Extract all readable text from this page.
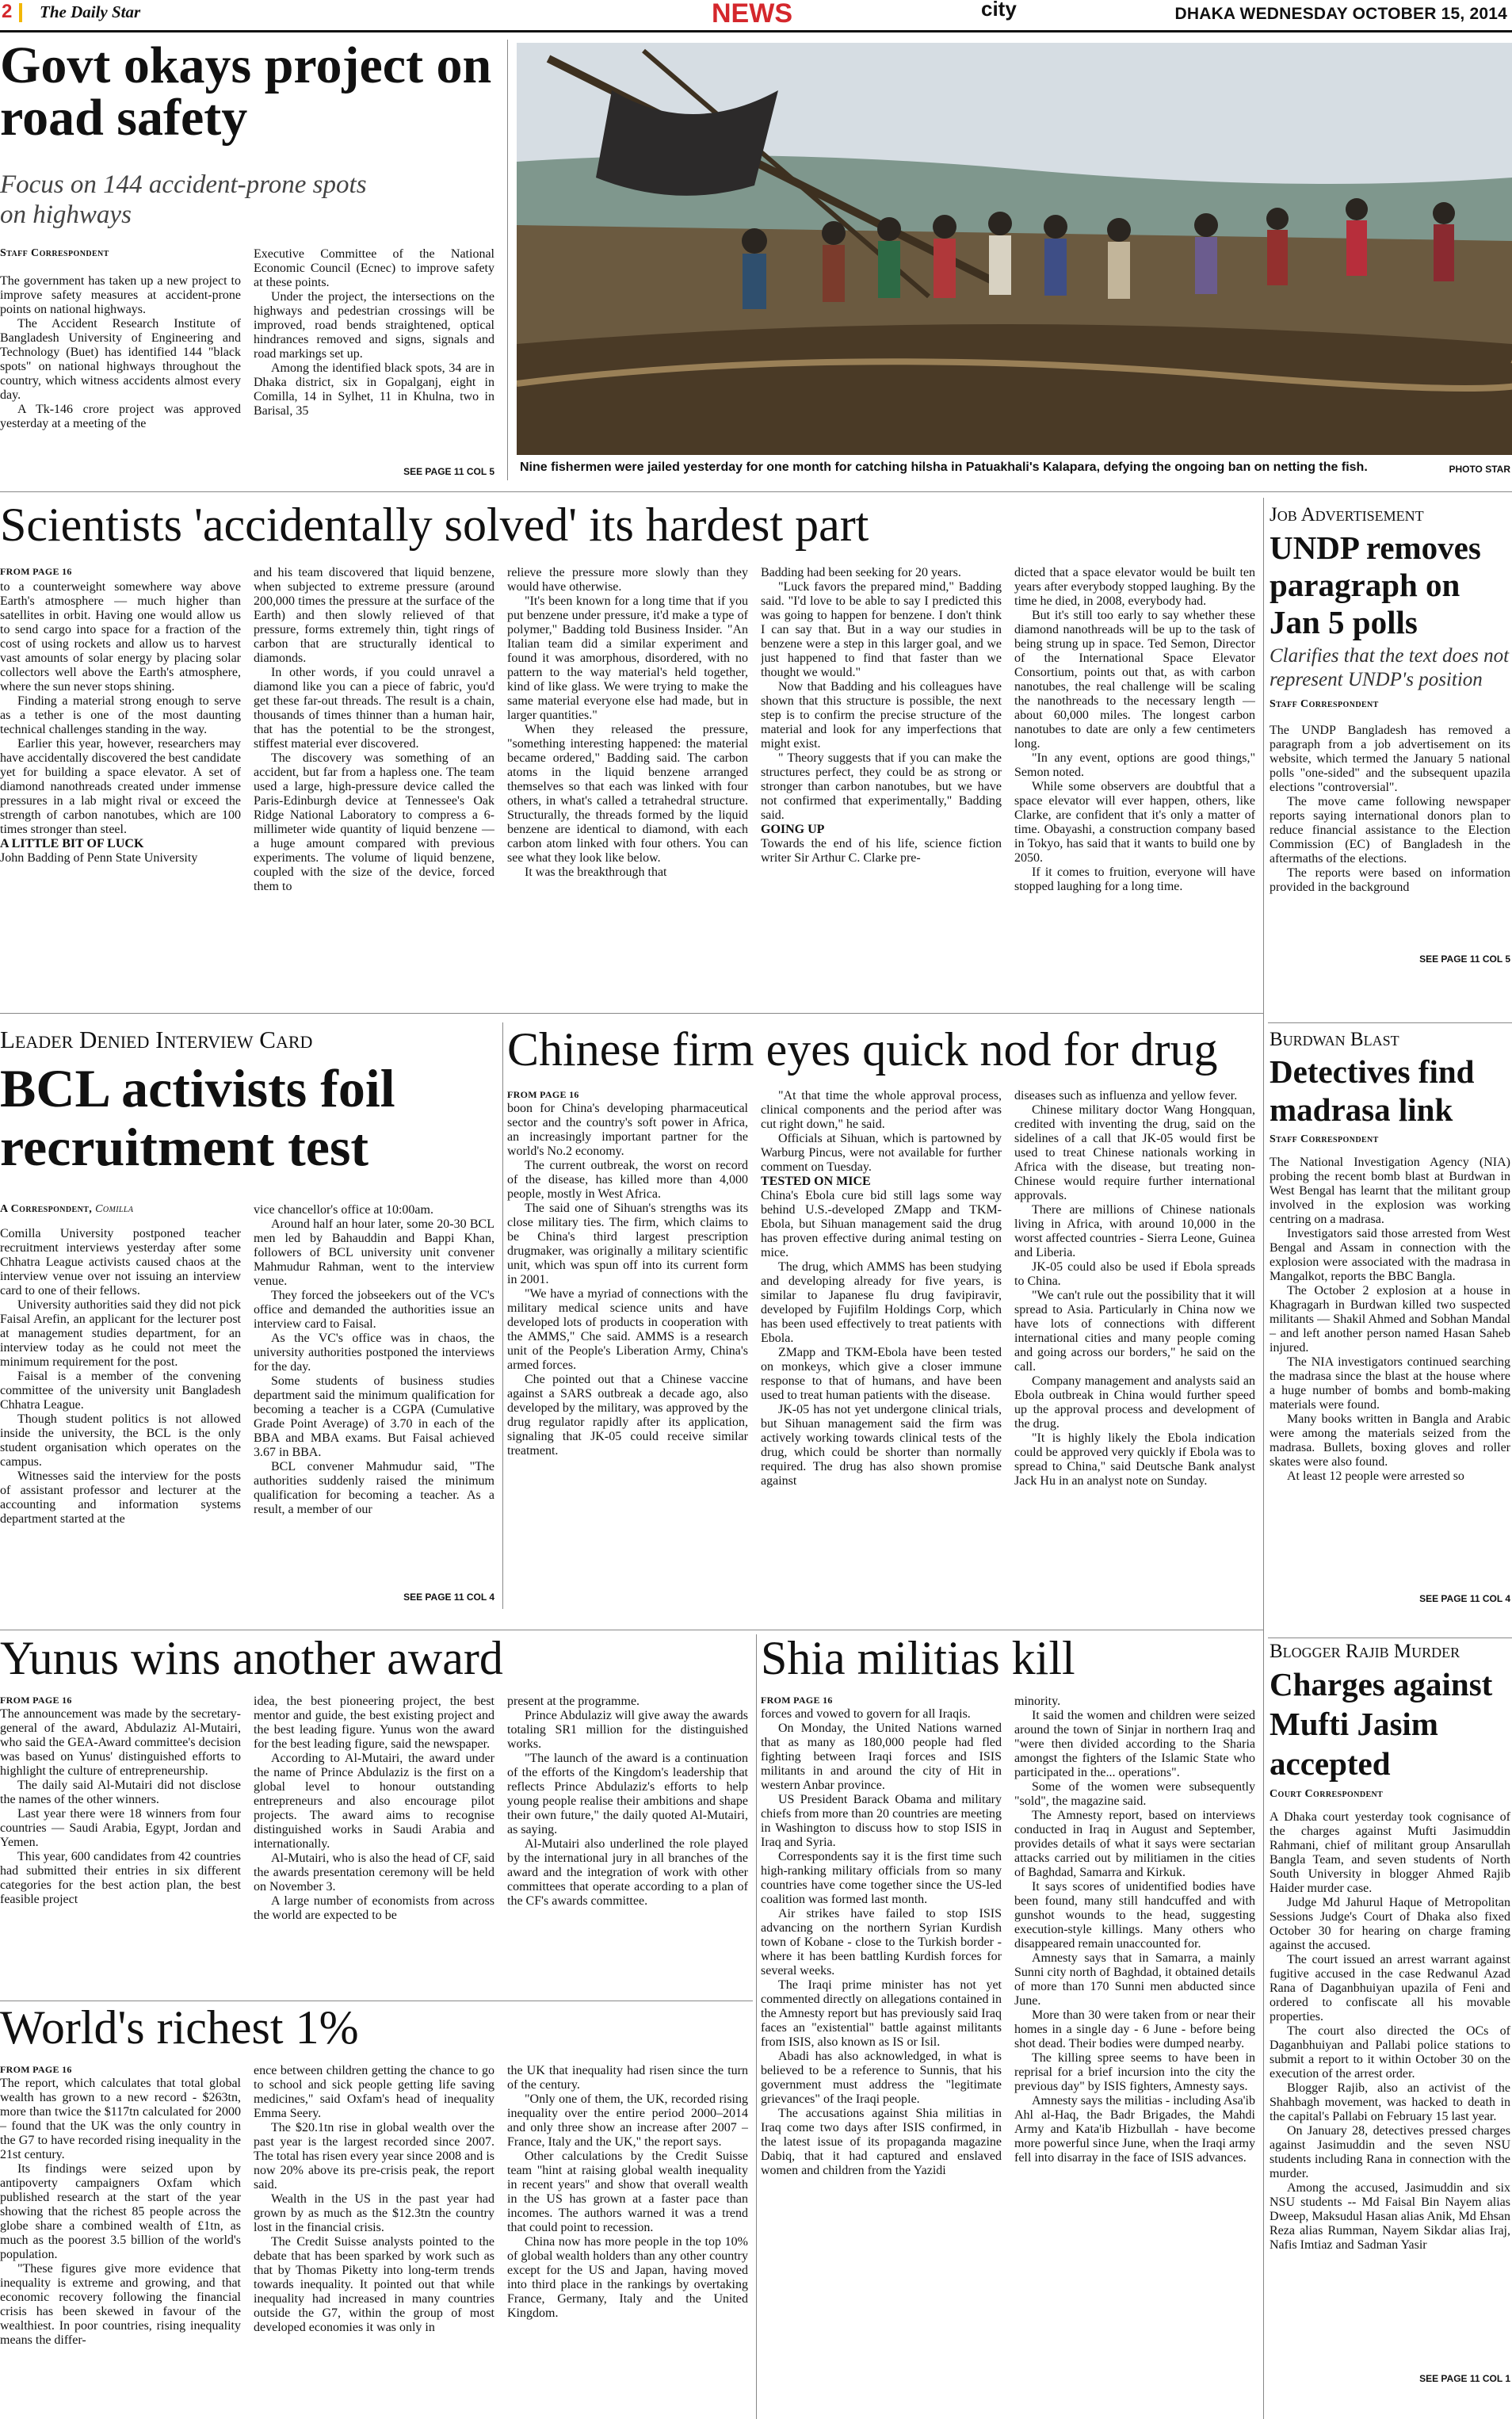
2 The Daily Star	NEWS	city	DHAKA WEDNESDAY OCTOBER 15, 2014
Govt okays project on road safety
Focus on 144 accident-prone spots on highways
Staff Correspondent

The government has taken up a new project to improve safety measures at accident-prone points on national highways.

The Accident Research Institute of Bangladesh University of Engineering and Technology (Buet) has identified 144 "black spots" on national highways throughout the country, which witness accidents almost every day.

A Tk-146 crore project was approved yesterday at a meeting of the

Executive Committee of the National Economic Council (Ecnec) to improve safety at these points.

Under the project, the intersections on the highways and pedestrian crossings will be improved, road bends straightened, optical hindrances removed and signs, signals and road markings set up.

Among the identified black spots, 34 are in Dhaka district, six in Gopalganj, eight in Comilla, 14 in Sylhet, 11 in Khulna, two in Barisal, 35

SEE PAGE 11 COL 5 Nine fishermen were jailed yesterday for one month for catching hilsha in Patuakhali's Kalapara, defying the ongoing ban on netting the fish.	PHOTO STAR
Scientists 'accidentally solved' its hardest part
FROM PAGE 16

to a counterweight somewhere way above Earth's atmosphere — much higher than satellites in orbit. Having one would allow us to send cargo into space for a fraction of the cost of using rockets and allow us to harvest vast amounts of solar energy by placing solar collectors well above the Earth's atmosphere, where the sun never stops shining.

Finding a material strong enough to serve as a tether is one of the most daunting technical challenges standing in the way.

Earlier this year, however, researchers may have accidentally discovered the best candidate yet for building a space elevator. A set of diamond nanothreads created under immense pressures in a lab might rival or exceed the strength of carbon nanotubes, which are 100 times stronger than steel.

A LITTLE BIT OF LUCK

John Badding of Penn State University

and his team discovered that liquid benzene, when subjected to extreme pressure (around 200,000 times the pressure at the surface of the Earth) and then slowly relieved of that pressure, forms extremely thin, tight rings of carbon that are structurally identical to diamonds.

In other words, if you could unravel a diamond like you can a piece of fabric, you'd get these far-out threads. The result is a chain, thousands of times thinner than a human hair, that has the potential to be the strongest, stiffest material ever discovered.

The discovery was something of an accident, but far from a hapless one. The team used a large, high-pressure device called the Paris-Edinburgh device at Tennessee's Oak Ridge National Laboratory to compress a 6-millimeter wide quantity of liquid benzene — a huge amount compared with previous experiments. The volume of liquid benzene, coupled with the size of the device, forced them to

relieve the pressure more slowly than they would have otherwise.

"It's been known for a long time that if you put benzene under pressure, it'd make a type of polymer," Badding told Business Insider. "An Italian team did a similar experiment and found it was amorphous, disordered, with no pattern to the way material's held together, kind of like glass. We were trying to make the same material everyone else had made, but in larger quantities."

When they released the pressure, "something interesting happened: the material became ordered," Badding said. The carbon atoms in the liquid benzene arranged themselves so that each was linked with four others, in what's called a tetrahedral structure. Structurally, the threads formed by the liquid benzene are identical to diamond, with each carbon atom linked with four others. You can see what they look like below.

It was the breakthrough that

Badding had been seeking for 20 years.

"Luck favors the prepared mind," Badding said. "I'd love to be able to say I predicted this was going to happen for benzene. I don't think I can say that. But in a way our studies in benzene were a step in this larger goal, and we just happened to find that faster than we thought we would."

Now that Badding and his colleagues have shown that this structure is possible, the next step is to confirm the precise structure of the material and look for any imperfections that might exist.

" Theory suggests that if you can make the structures perfect, they could be as strong or stronger than carbon nanotubes, but we have not confirmed that experimentally," Badding said.

GOING UP

Towards the end of his life, science fiction writer Sir Arthur C. Clarke pre-

dicted that a space elevator would be built ten years after everybody stopped laughing. By the time he died, in 2008, everybody had.

But it's still too early to say whether these diamond nanothreads will be up to the task of being strung up in space. Ted Semon, Director of the International Space Elevator Consortium, points out that, as with carbon nanotubes, the real challenge will be scaling the nanothreads to the necessary length — about 60,000 miles. The longest carbon nanotubes to date are only a few centimeters long.

"In any event, options are good things," Semon noted.

While some observers are doubtful that a space elevator will ever happen, others, like Clarke, are confident that it's only a matter of time. Obayashi, a construction company based in Tokyo, has said that it wants to build one by 2050.

If it comes to fruition, everyone will have stopped laughing for a long time.

Job Advertisement
UNDP removes paragraph on Jan 5 polls
Clarifies that the text does not represent UNDP's position
Staff Correspondent

The UNDP Bangladesh has removed a paragraph from a job advertisement on its website, which termed the January 5 national polls "one-sided" and the subsequent upazila elections "controversial".

The move came following newspaper reports saying international donors plan to reduce financial assistance to the Election Commission (EC) of Bangladesh in the aftermaths of the elections.

The reports were based on information provided in the background

SEE PAGE 11 COL 5
Leader Denied Interview Card
BCL activists foil recruitment test
A Correspondent, Comilla

Comilla University postponed teacher recruitment interviews yesterday after some Chhatra League activists caused chaos at the interview venue over not issuing an interview card to one of their fellows.

University authorities said they did not pick Faisal Arefin, an applicant for the lecturer post at management studies department, for an interview today as he could not meet the minimum requirement for the post.

Faisal is a member of the convening committee of the university unit Bangladesh Chhatra League.

Though student politics is not allowed inside the university, the BCL is the only student organisation which operates on the campus.

Witnesses said the interview for the posts of assistant professor and lecturer at the accounting and information systems department started at the

vice chancellor's office at 10:00am.

Around half an hour later, some 20-30 BCL men led by Bahauddin and Bappi Khan, followers of BCL university unit convener Mahmudur Rahman, went to the interview venue.

They forced the jobseekers out of the VC's office and demanded the authorities issue an interview card to Faisal.

As the VC's office was in chaos, the university authorities postponed the interviews for the day.

Some students of business studies department said the minimum qualification for becoming a teacher is a CGPA (Cumulative Grade Point Average) of 3.70 in each of the BBA and MBA exams. But Faisal achieved 3.67 in BBA.

BCL convener Mahmudur said, "The authorities suddenly raised the minimum qualification for becoming a teacher. As a result, a member of our

SEE PAGE 11 COL 4
Chinese firm eyes quick nod for drug
FROM PAGE 16

boon for China's developing pharmaceutical sector and the country's soft power in Africa, an increasingly important partner for the world's No.2 economy.

The current outbreak, the worst on record of the disease, has killed more than 4,000 people, mostly in West Africa.

The said one of Sihuan's strengths was its close military ties. The firm, which claims to be China's third largest prescription drugmaker, was originally a military scientific unit, which was spun off into its current form in 2001.

"We have a myriad of connections with the military medical science units and have developed lots of products in cooperation with the AMMS," Che said. AMMS is a research unit of the People's Liberation Army, China's armed forces.

Che pointed out that a Chinese vaccine against a SARS outbreak a decade ago, also developed by the military, was approved by the drug regulator rapidly after its application, signaling that JK-05 could receive similar treatment.

"At that time the whole approval process, clinical components and the period after was cut right down," he said.

Officials at Sihuan, which is partowned by Warburg Pincus, were not available for further comment on Tuesday.

TESTED ON MICE

China's Ebola cure bid still lags some way behind U.S.-developed ZMapp and TKM-Ebola, but Sihuan management said the drug has proven effective during animal testing on mice.

The drug, which AMMS has been studying and developing already for five years, is similar to Japanese flu drug favipiravir, developed by Fujifilm Holdings Corp, which has been used effectively to treat patients with Ebola.

ZMapp and TKM-Ebola have been tested on monkeys, which give a closer immune response to that of humans, and have been used to treat human patients with the disease.

JK-05 has not yet undergone clinical trials, but Sihuan management said the firm was actively working towards clinical tests of the drug, which could be shorter than normally required. The drug has also shown promise against

diseases such as influenza and yellow fever.

Chinese military doctor Wang Hongquan, credited with inventing the drug, said on the sidelines of a call that JK-05 would first be used to treat Chinese nationals working in Africa with the disease, but treating non-Chinese would require further international approvals.

There are millions of Chinese nationals living in Africa, with around 10,000 in the worst affected countries - Sierra Leone, Guinea and Liberia.

JK-05 could also be used if Ebola spreads to China.

"We can't rule out the possibility that it will spread to Asia. Particularly in China now we have lots of connections with different international cities and many people coming and going across our borders," he said on the call.

Company management and analysts said an Ebola outbreak in China would further speed up the approval process and development of the drug.

"It is highly likely the Ebola indication could be approved very quickly if Ebola was to spread to China," said Deutsche Bank analyst Jack Hu in an analyst note on Sunday.

Burdwan Blast
Detectives find madrasa link
Staff Correspondent

The National Investigation Agency (NIA) probing the recent bomb blast at Burdwan in West Bengal has learnt that the militant group involved in the explosion was working centring on a madrasa.

Investigators said those arrested from West Bengal and Assam in connection with the explosion were associated with the madrasa in Mangalkot, reports the BBC Bangla.

The October 2 explosion at a house in Khagragarh in Burdwan killed two suspected militants — Shakil Ahmed and Sobhan Mandal – and left another person named Hasan Saheb injured.

The NIA investigators continued searching the madrasa since the blast at the house where a huge number of bombs and bomb-making materials were found.

Many books written in Bangla and Arabic were among the materials seized from the madrasa. Bullets, boxing gloves and roller skates were also found.

At least 12 people were arrested so

SEE PAGE 11 COL 4
Yunus wins another award
FROM PAGE 16

The announcement was made by the secretary-general of the award, Abdulaziz Al-Mutairi, who said the GEA-Award committee's decision was based on Yunus' distinguished efforts to highlight the culture of entrepreneurship.

The daily said Al-Mutairi did not disclose the names of the other winners.

Last year there were 18 winners from four countries — Saudi Arabia, Egypt, Jordan and Yemen.

This year, 600 candidates from 42 countries had submitted their entries in six different categories for the best action plan, the best feasible project

idea, the best pioneering project, the best mentor and guide, the best existing project and the best leading figure. Yunus won the award for the best leading figure, said the newspaper.

According to Al-Mutairi, the award under the name of Prince Abdulaziz is the first on a global level to honour outstanding entrepreneurs and also encourage pilot projects. The award aims to recognise distinguished works in Saudi Arabia and internationally.

Al-Mutairi, who is also the head of CF, said the awards presentation ceremony will be held on November 3.

A large number of economists from across the world are expected to be

present at the programme.

Prince Abdulaziz will give away the awards totaling SR1 million for the distinguished works.

"The launch of the award is a continuation of the efforts of the Kingdom's leadership that reflects Prince Abdulaziz's efforts to help young people realise their ambitions and shape their own future," the daily quoted Al-Mutairi, as saying.

Al-Mutairi also underlined the role played by the international jury in all branches of the award and the integration of work with other committees that operate according to a plan of the CF's awards committee.

World's richest 1%
FROM PAGE 16

The report, which calculates that total global wealth has grown to a new record - $263tn, more than twice the $117tn calculated for 2000 – found that the UK was the only country in the G7 to have recorded rising inequality in the 21st century.

Its findings were seized upon by antipoverty campaigners Oxfam which published research at the start of the year showing that the richest 85 people across the globe share a combined wealth of £1tn, as much as the poorest 3.5 billion of the world's population.

"These figures give more evidence that inequality is extreme and growing, and that economic recovery following the financial crisis has been skewed in favour of the wealthiest. In poor countries, rising inequality means the differ-

ence between children getting the chance to go to school and sick people getting life saving medicines," said Oxfam's head of inequality Emma Seery.

The $20.1tn rise in global wealth over the past year is the largest recorded since 2007. The total has risen every year since 2008 and is now 20% above its pre-crisis peak, the report said.

Wealth in the US in the past year had grown by as much as the $12.3tn the country lost in the financial crisis.

The Credit Suisse analysts pointed to the debate that has been sparked by work such as that by Thomas Piketty into long-term trends towards inequality. It pointed out that while inequality had increased in many countries outside the G7, within the group of most developed economies it was only in

the UK that inequality had risen since the turn of the century.

"Only one of them, the UK, recorded rising inequality over the entire period 2000–2014 and only three show an increase after 2007 – France, Italy and the UK," the report says.

Other calculations by the Credit Suisse team "hint at raising global wealth inequality in recent years" and show that overall wealth in the US has grown at a faster pace than incomes. The authors warned it was a trend that could point to recession.

China now has more people in the top 10% of global wealth holders than any other country except for the US and Japan, having moved into third place in the rankings by overtaking France, Germany, Italy and the United Kingdom.

Shia militias kill
FROM PAGE 16

forces and vowed to govern for all Iraqis.

On Monday, the United Nations warned that as many as 180,000 people had fled fighting between Iraqi forces and ISIS militants in and around the city of Hit in western Anbar province.

US President Barack Obama and military chiefs from more than 20 countries are meeting in Washington to discuss how to stop ISIS in Iraq and Syria.

Correspondents say it is the first time such high-ranking military officials from so many countries have come together since the US-led coalition was formed last month.

Air strikes have failed to stop ISIS advancing on the northern Syrian Kurdish town of Kobane - close to the Turkish border - where it has been battling Kurdish forces for several weeks.

The Iraqi prime minister has not yet commented directly on allegations contained in the Amnesty report but has previously said Iraq faces an "existential" battle against militants from ISIS, also known as IS or Isil.

Abadi has also acknowledged, in what is believed to be a reference to Sunnis, that his government must address the "legitimate grievances" of the Iraqi people.

The accusations against Shia militias in Iraq come two days after ISIS confirmed, in the latest issue of its propaganda magazine Dabiq, that it had captured and enslaved women and children from the Yazidi

minority.

It said the women and children were seized around the town of Sinjar in northern Iraq and "were then divided according to the Sharia amongst the fighters of the Islamic State who participated in the... operations".

Some of the women were subsequently "sold", the magazine said.

The Amnesty report, based on interviews conducted in Iraq in August and September, provides details of what it says were sectarian attacks carried out by militiamen in the cities of Baghdad, Samarra and Kirkuk.

It says scores of unidentified bodies have been found, many still handcuffed and with gunshot wounds to the head, suggesting execution-style killings. Many others who disappeared remain unaccounted for.

Amnesty says that in Samarra, a mainly Sunni city north of Baghdad, it obtained details of more than 170 Sunni men abducted since June.

More than 30 were taken from or near their homes in a single day - 6 June - before being shot dead. Their bodies were dumped nearby.

The killing spree seems to have been in reprisal for a brief incursion into the city the previous day" by ISIS fighters, Amnesty says.

Amnesty says the militias - including Asa'ib Ahl al-Haq, the Badr Brigades, the Mahdi Army and Kata'ib Hizbullah - have become more powerful since June, when the Iraqi army fell into disarray in the face of ISIS advances.

Blogger Rajib Murder
Charges against Mufti Jasim accepted
Court Correspondent

A Dhaka court yesterday took cognisance of the charges against Mufti Jasimuddin Rahmani, chief of militant group Ansarullah Bangla Team, and seven students of North South University in blogger Ahmed Rajib Haider murder case.

Judge Md Jahurul Haque of Metropolitan Sessions Judge's Court of Dhaka also fixed October 30 for hearing on charge framing against the accused.

The court issued an arrest warrant against fugitive accused in the case Redwanul Azad Rana of Daganbhuiyan upazila of Feni and ordered to confiscate all his movable properties.

The court also directed the OCs of Daganbhuiyan and Pallabi police stations to submit a report to it within October 30 on the execution of the arrest order.

Blogger Rajib, also an activist of the Shahbagh movement, was hacked to death in the capital's Pallabi on February 15 last year.

On January 28, detectives pressed charges against Jasimuddin and the seven NSU students including Rana in connection with the murder.

Among the accused, Jasimuddin and six NSU students -- Md Faisal Bin Nayem alias Dweep, Maksudul Hasan alias Anik, Md Ehsan Reza alias Rumman, Nayem Sikdar alias Iraj, Nafis Imtiaz and Sadman Yasir

SEE PAGE 11 COL 1
